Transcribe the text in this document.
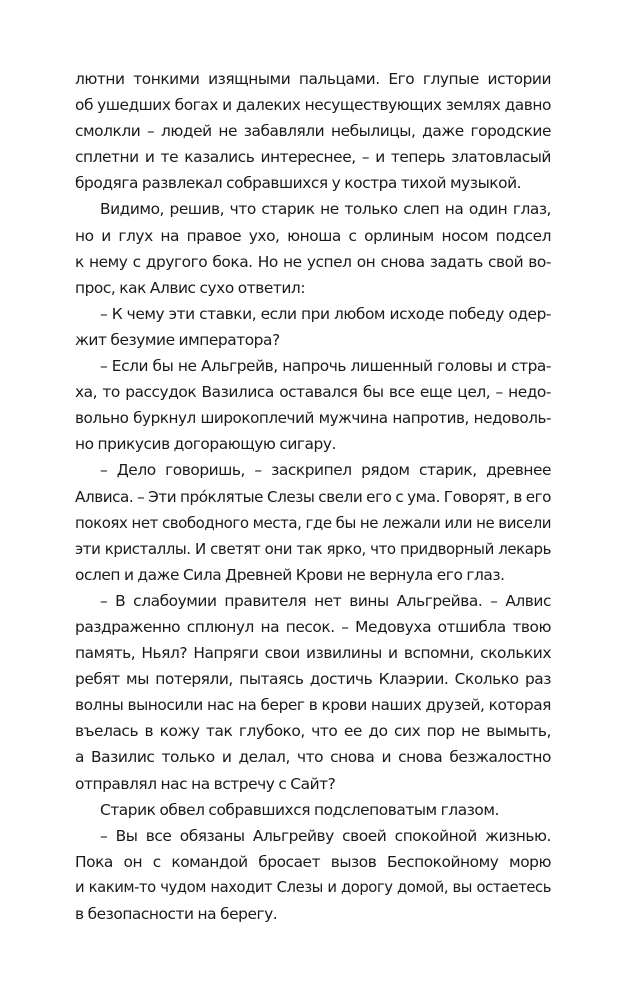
лютни тонкими изящными пальцами. Его глупые истории
об ушедших богах и далеких несуществующих землях давно
смолкли – людей не забавляли небылицы, даже городские
сплетни и те казались интереснее, – и теперь златовласый
бродяга развлекал собравшихся у костра тихой музыкой.
Видимо, решив, что старик не только слеп на один глаз,
но и глух на правое ухо, юноша с орлиным носом подсел
к нему с другого бока. Но не успел он снова задать свой во-
прос, как Алвис сухо ответил:
– К чему эти ставки, если при любом исходе победу одер-
жит безумие императора?
– Если бы не Альгрейв, напрочь лишенный головы и стра-
ха, то рассудок Вазилиса оставался бы все еще цел, – недо-
вольно буркнул широкоплечий мужчина напротив, недоволь-
но прикусив догорающую сигару.
– Дело говоришь, – заскрипел рядом старик, древнее
Алвиса. – Эти про́клятые Слезы свели его с ума. Говорят, в его
покоях нет свободного места, где бы не лежали или не висели
эти кристаллы. И светят они так ярко, что придворный лекарь
ослеп и даже Сила Древней Крови не вернула его глаз.
– В слабоумии правителя нет вины Альгрейва. – Алвис
раздраженно сплюнул на песок. – Медовуха отшибла твою
память, Ньял? Напряги свои извилины и вспомни, скольких
ребят мы потеряли, пытаясь достичь Клаэрии. Сколько раз
волны выносили нас на берег в крови наших друзей, которая
въелась в кожу так глубоко, что ее до сих пор не вымыть,
а Вазилис только и делал, что снова и снова безжалостно
отправлял нас на встречу с Сайт?
Старик обвел собравшихся подслеповатым глазом.
– Вы все обязаны Альгрейву своей спокойной жизнью.
Пока он с командой бросает вызов Беспокойному морю
и каким-то чудом находит Слезы и дорогу домой, вы остаетесь
в безопасности на берегу.
